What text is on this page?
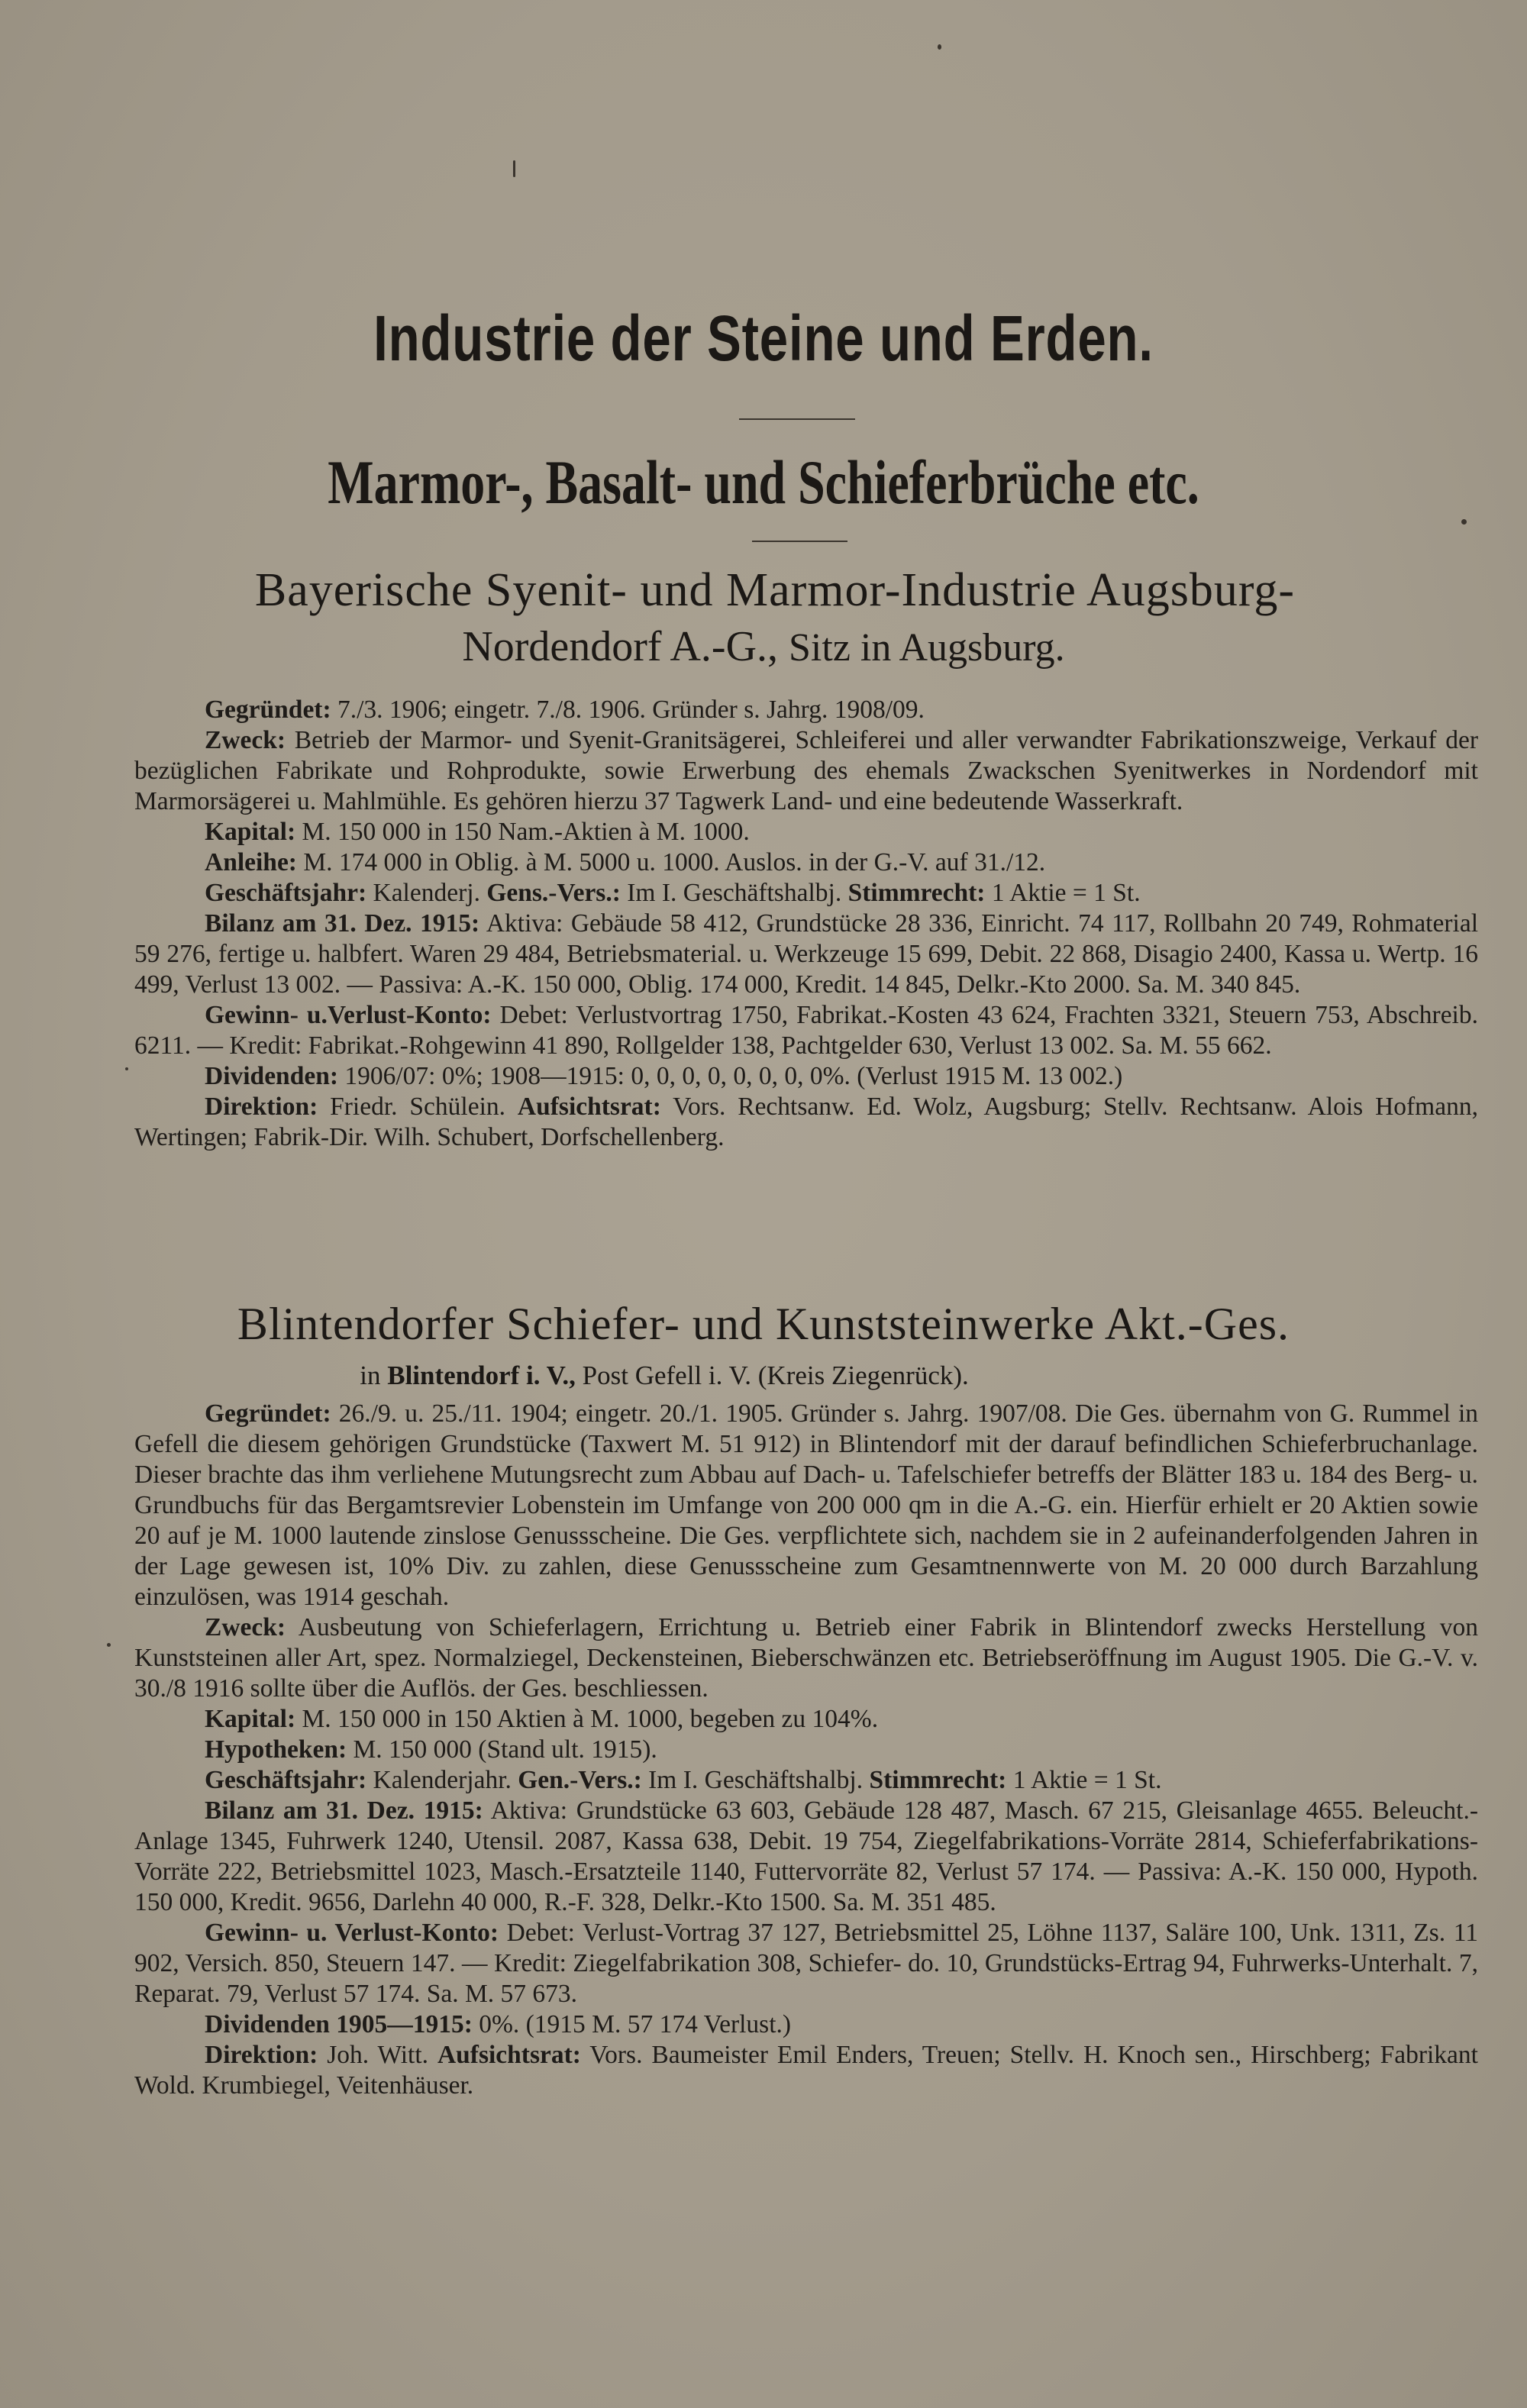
Industrie der Steine und Erden.
Marmor-, Basalt- und Schieferbrüche etc.
Bayerische Syenit- und Marmor-Industrie Augsburg-
Nordendorf A.-G., Sitz in Augsburg.

Gegründet: 7./3. 1906; eingetr. 7./8. 1906. Gründer s. Jahrg. 1908/09.

Zweck: Betrieb der Marmor- und Syenit-Granitsägerei, Schleiferei und aller verwandter Fabrikationszweige, Verkauf der bezüglichen Fabrikate und Rohprodukte, sowie Erwerbung des ehemals Zwackschen Syenitwerkes in Nordendorf mit Marmorsägerei u. Mahlmühle. Es gehören hierzu 37 Tagwerk Land- und eine bedeutende Wasserkraft.

Kapital: M. 150 000 in 150 Nam.-Aktien à M. 1000.

Anleihe: M. 174 000 in Oblig. à M. 5000 u. 1000. Auslos. in der G.-V. auf 31./12.

Geschäftsjahr: Kalenderj. Gens.-Vers.: Im I. Geschäftshalbj. Stimmrecht: 1 Aktie = 1 St.

Bilanz am 31. Dez. 1915: Aktiva: Gebäude 58 412, Grundstücke 28 336, Einricht. 74 117, Rollbahn 20 749, Rohmaterial 59 276, fertige u. halbfert. Waren 29 484, Betriebsmaterial. u. Werkzeuge 15 699, Debit. 22 868, Disagio 2400, Kassa u. Wertp. 16 499, Verlust 13 002. — Passiva: A.-K. 150 000, Oblig. 174 000, Kredit. 14 845, Delkr.-Kto 2000. Sa. M. 340 845.

Gewinn- u.Verlust-Konto: Debet: Verlustvortrag 1750, Fabrikat.-Kosten 43 624, Frachten 3321, Steuern 753, Abschreib. 6211. — Kredit: Fabrikat.-Rohgewinn 41 890, Rollgelder 138, Pachtgelder 630, Verlust 13 002. Sa. M. 55 662.

Dividenden: 1906/07: 0%; 1908—1915: 0, 0, 0, 0, 0, 0, 0, 0%. (Verlust 1915 M. 13 002.)

Direktion: Friedr. Schülein. Aufsichtsrat: Vors. Rechtsanw. Ed. Wolz, Augsburg; Stellv. Rechtsanw. Alois Hofmann, Wertingen; Fabrik-Dir. Wilh. Schubert, Dorfschellenberg.

Blintendorfer Schiefer- und Kunststeinwerke Akt.-Ges.
in Blintendorf i. V., Post Gefell i. V. (Kreis Ziegenrück).

Gegründet: 26./9. u. 25./11. 1904; eingetr. 20./1. 1905. Gründer s. Jahrg. 1907/08. Die Ges. übernahm von G. Rummel in Gefell die diesem gehörigen Grundstücke (Taxwert M. 51 912) in Blintendorf mit der darauf befindlichen Schieferbruchanlage. Dieser brachte das ihm verliehene Mutungsrecht zum Abbau auf Dach- u. Tafelschiefer betreffs der Blätter 183 u. 184 des Berg- u. Grundbuchs für das Bergamtsrevier Lobenstein im Umfange von 200 000 qm in die A.-G. ein. Hierfür erhielt er 20 Aktien sowie 20 auf je M. 1000 lautende zinslose Genussscheine. Die Ges. verpflichtete sich, nachdem sie in 2 aufeinanderfolgenden Jahren in der Lage gewesen ist, 10% Div. zu zahlen, diese Genussscheine zum Gesamtnennwerte von M. 20 000 durch Barzahlung einzulösen, was 1914 geschah.

Zweck: Ausbeutung von Schieferlagern, Errichtung u. Betrieb einer Fabrik in Blintendorf zwecks Herstellung von Kunststeinen aller Art, spez. Normalziegel, Deckensteinen, Bieberschwänzen etc. Betriebseröffnung im August 1905. Die G.-V. v. 30./8 1916 sollte über die Auflös. der Ges. beschliessen.

Kapital: M. 150 000 in 150 Aktien à M. 1000, begeben zu 104%.

Hypotheken: M. 150 000 (Stand ult. 1915).

Geschäftsjahr: Kalenderjahr. Gen.-Vers.: Im I. Geschäftshalbj. Stimmrecht: 1 Aktie = 1 St.

Bilanz am 31. Dez. 1915: Aktiva: Grundstücke 63 603, Gebäude 128 487, Masch. 67 215, Gleisanlage 4655. Beleucht.-Anlage 1345, Fuhrwerk 1240, Utensil. 2087, Kassa 638, Debit. 19 754, Ziegelfabrikations-Vorräte 2814, Schieferfabrikations-Vorräte 222, Betriebsmittel 1023, Masch.-Ersatzteile 1140, Futtervorräte 82, Verlust 57 174. — Passiva: A.-K. 150 000, Hypoth. 150 000, Kredit. 9656, Darlehn 40 000, R.-F. 328, Delkr.-Kto 1500. Sa. M. 351 485.

Gewinn- u. Verlust-Konto: Debet: Verlust-Vortrag 37 127, Betriebsmittel 25, Löhne 1137, Saläre 100, Unk. 1311, Zs. 11 902, Versich. 850, Steuern 147. — Kredit: Ziegelfabrikation 308, Schiefer- do. 10, Grundstücks-Ertrag 94, Fuhrwerks-Unterhalt. 7, Reparat. 79, Verlust 57 174. Sa. M. 57 673.

Dividenden 1905—1915: 0%. (1915 M. 57 174 Verlust.)

Direktion: Joh. Witt. Aufsichtsrat: Vors. Baumeister Emil Enders, Treuen; Stellv. H. Knoch sen., Hirschberg; Fabrikant Wold. Krumbiegel, Veitenhäuser.
